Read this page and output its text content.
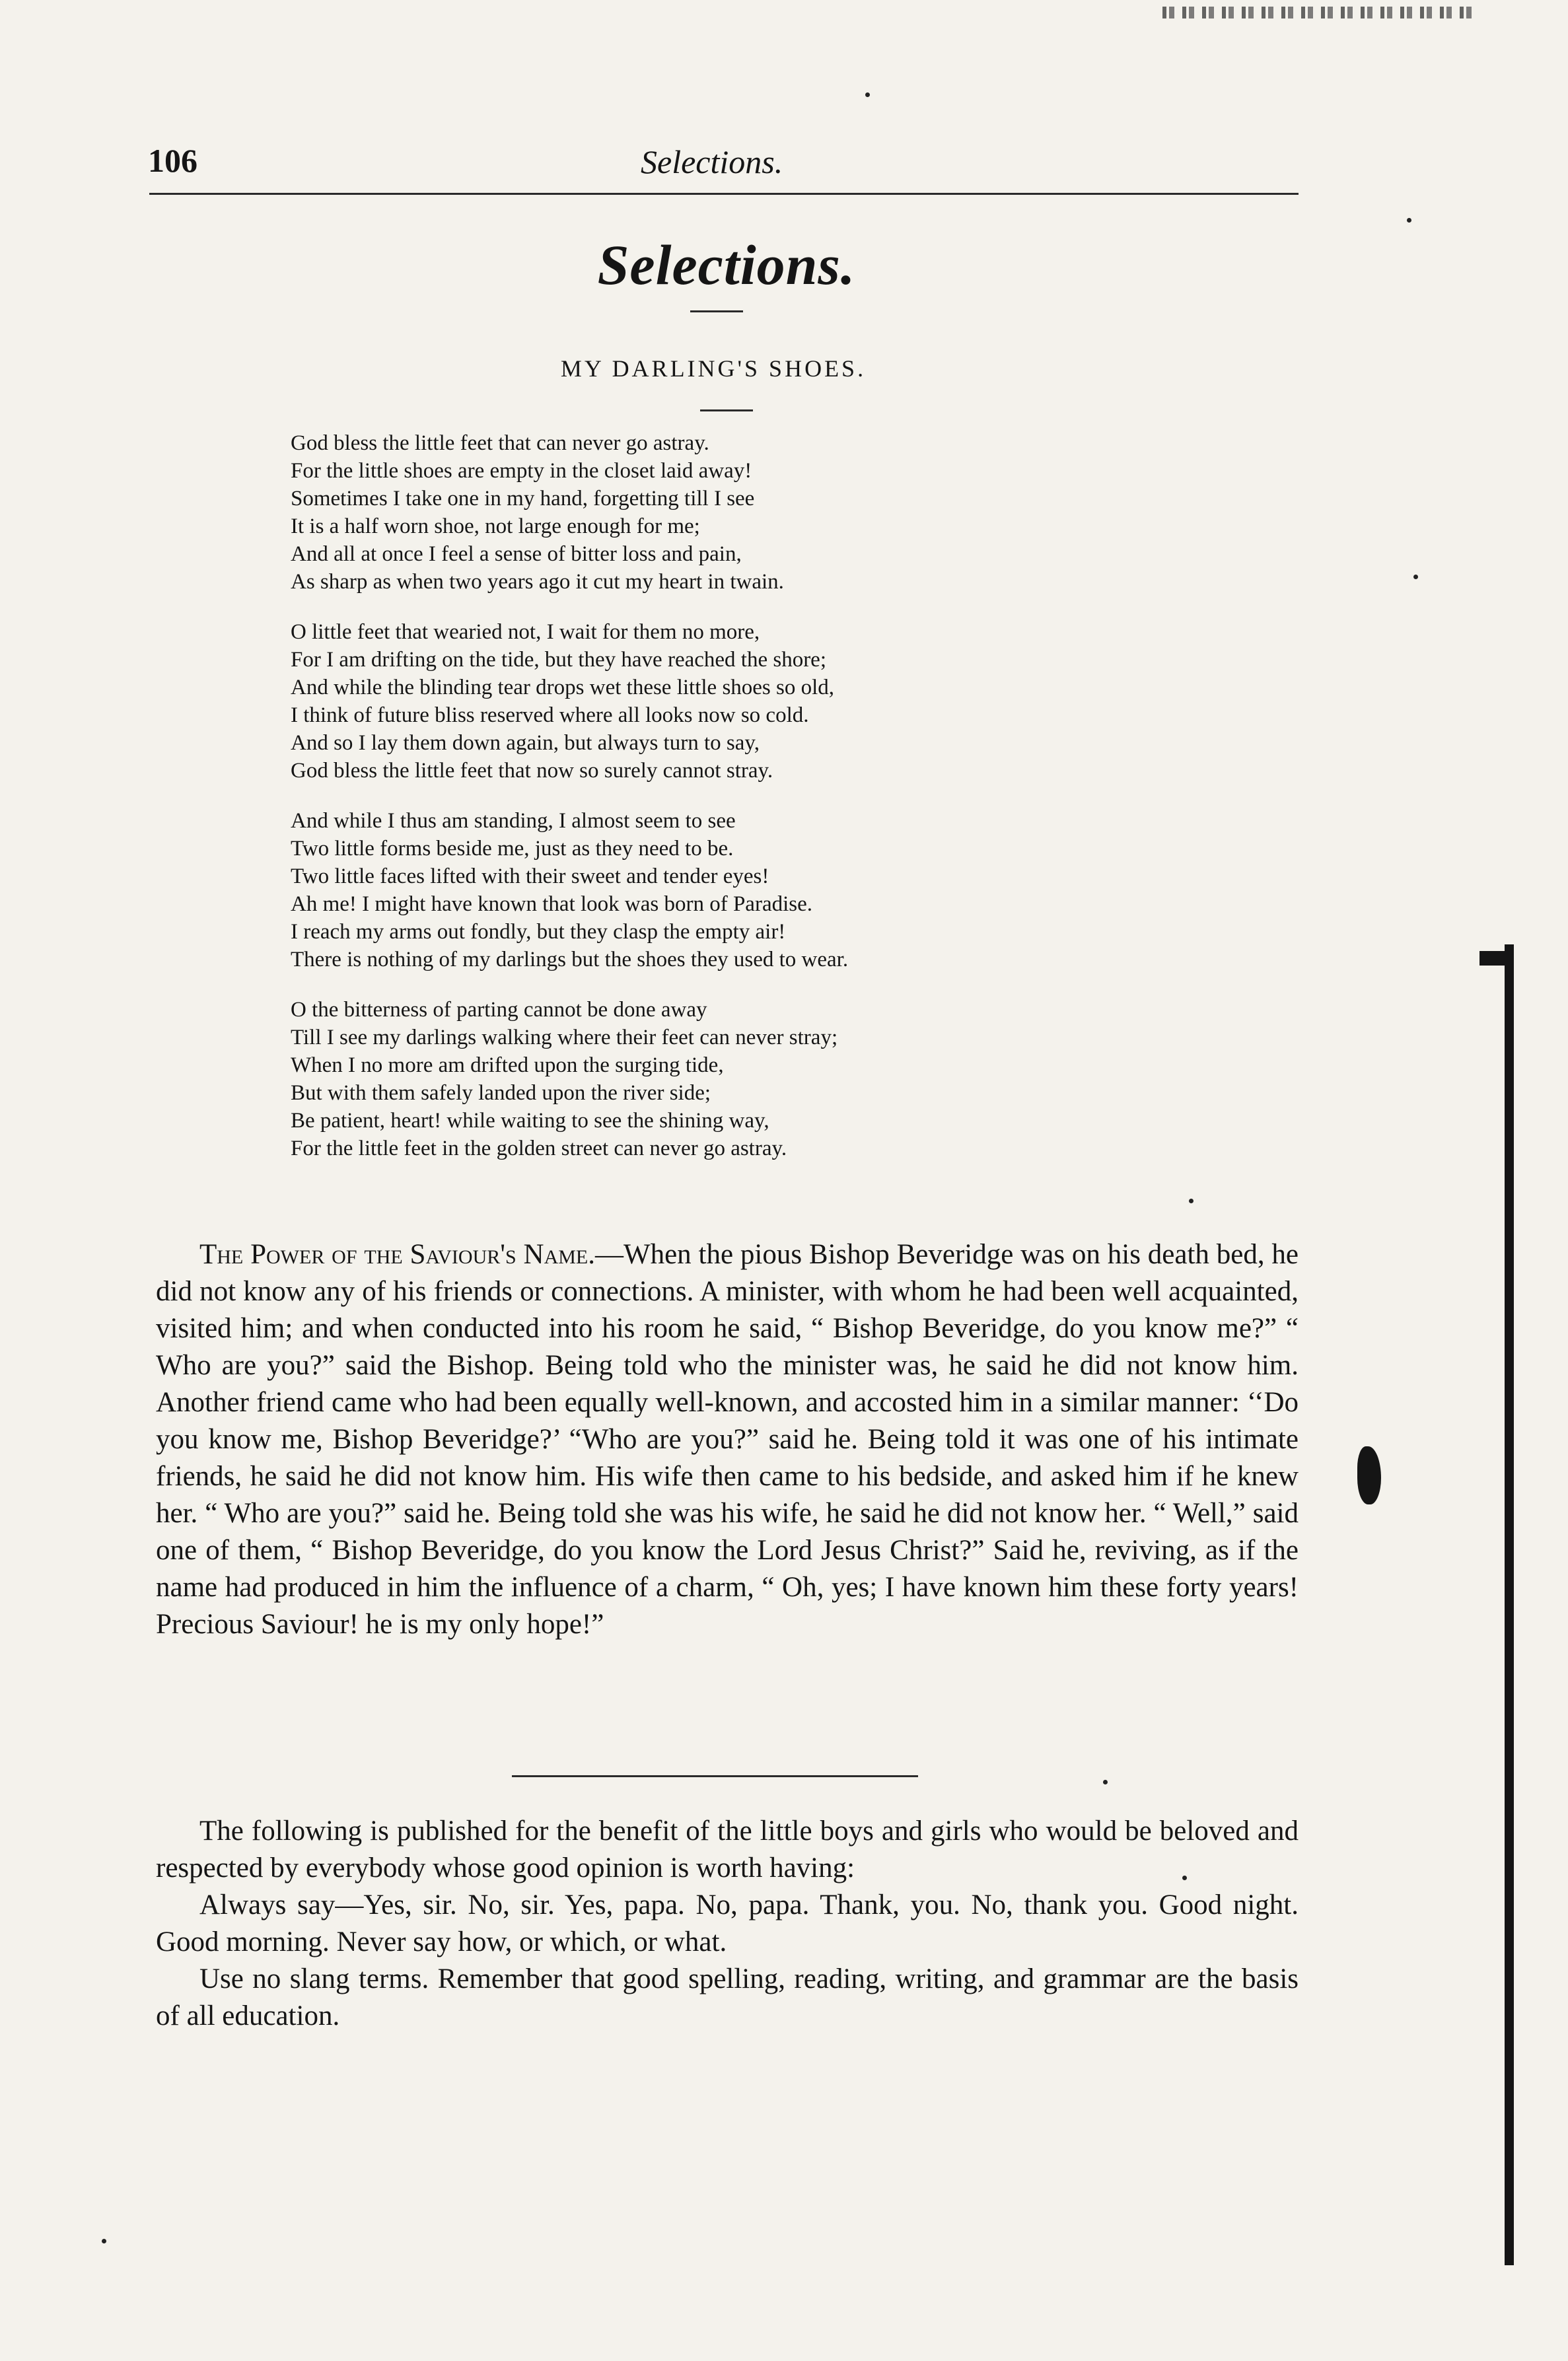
106	Selections.
Selections.
MY DARLING'S SHOES.
God bless the little feet that can never go astray.
For the little shoes are empty in the closet laid away!
Sometimes I take one in my hand, forgetting till I see
It is a half worn shoe, not large enough for me;
And all at once I feel a sense of bitter loss and pain,
As sharp as when two years ago it cut my heart in twain.
O little feet that wearied not, I wait for them no more,
For I am drifting on the tide, but they have reached the shore;
And while the blinding tear drops wet these little shoes so old,
I think of future bliss reserved where all looks now so cold.
And so I lay them down again, but always turn to say,
God bless the little feet that now so surely cannot stray.
And while I thus am standing, I almost seem to see
Two little forms beside me, just as they need to be.
Two little faces lifted with their sweet and tender eyes!
Ah me! I might have known that look was born of Paradise.
I reach my arms out fondly, but they clasp the empty air!
There is nothing of my darlings but the shoes they used to wear.
O the bitterness of parting cannot be done away
Till I see my darlings walking where their feet can never stray;
When I no more am drifted upon the surging tide,
But with them safely landed upon the river side;
Be patient, heart! while waiting to see the shining way,
For the little feet in the golden street can never go astray.

The Power of the Saviour's Name.—When the pious Bishop Beveridge was on his death bed, he did not know any of his friends or connections. A minister, with whom he had been well acquainted, visited him; and when conducted into his room he said, “ Bishop Beveridge, do you know me?” “ Who are you?” said the Bishop. Being told who the minister was, he said he did not know him. Another friend came who had been equally well-known, and accosted him in a similar manner: ‘‘Do you know me, Bishop Beveridge?’ “Who are you?” said he. Being told it was one of his intimate friends, he said he did not know him. His wife then came to his bedside, and asked him if he knew her. “ Who are you?” said he. Being told she was his wife, he said he did not know her. “ Well,” said one of them, “ Bishop Beveridge, do you know the Lord Jesus Christ?” Said he, reviving, as if the name had produced in him the influence of a charm, “ Oh, yes; I have known him these forty years! Precious Saviour! he is my only hope!”

The following is published for the benefit of the little boys and girls who would be beloved and respected by everybody whose good opinion is worth having:

Always say—Yes, sir. No, sir. Yes, papa. No, papa. Thank, you. No, thank you. Good night. Good morning. Never say how, or which, or what.

Use no slang terms. Remember that good spelling, reading, writing, and grammar are the basis of all education.
